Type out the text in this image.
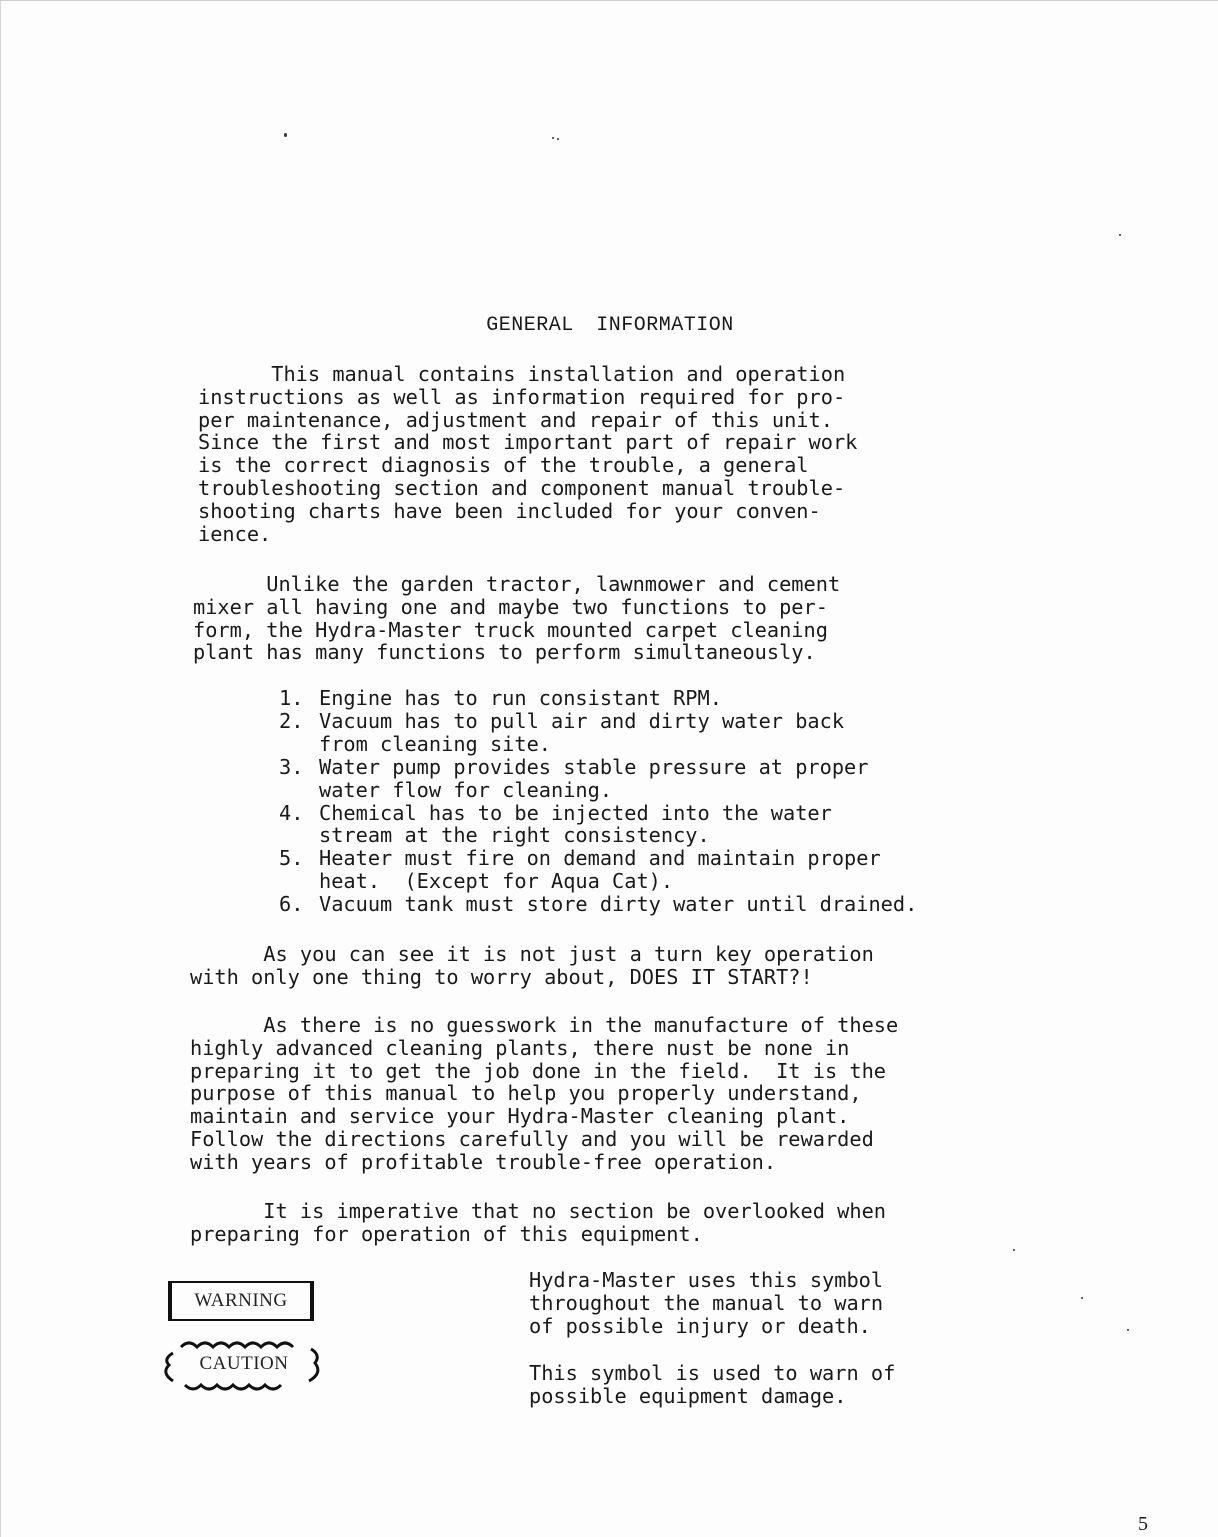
GENERAL INFORMATION
This manual contains installation and operation
instructions as well as information required for pro-
per maintenance, adjustment and repair of this unit.
Since the first and most important part of repair work
is the correct diagnosis of the trouble, a general
troubleshooting section and component manual trouble-
shooting charts have been included for your conven-
ience.
Unlike the garden tractor, lawnmower and cement
mixer all having one and maybe two functions to per-
form, the Hydra-Master truck mounted carpet cleaning
plant has many functions to perform simultaneously.
1. Engine has to run consistant RPM.
2. Vacuum has to pull air and dirty water back
from cleaning site.
3. Water pump provides stable pressure at proper
water flow for cleaning.
4. Chemical has to be injected into the water
stream at the right consistency.
5. Heater must fire on demand and maintain proper
heat.  (Except for Aqua Cat).
6. Vacuum tank must store dirty water until drained.
As you can see it is not just a turn key operation
with only one thing to worry about, DOES IT START?!
As there is no guesswork in the manufacture of these
highly advanced cleaning plants, there nust be none in
preparing it to get the job done in the field.  It is the
purpose of this manual to help you properly understand,
maintain and service your Hydra-Master cleaning plant.
Follow the directions carefully and you will be rewarded
with years of profitable trouble-free operation.
It is imperative that no section be overlooked when
preparing for operation of this equipment.
WARNING
Hydra-Master uses this symbol
throughout the manual to warn
of possible injury or death.
CAUTION	This symbol is used to warn of
possible equipment damage.
5
